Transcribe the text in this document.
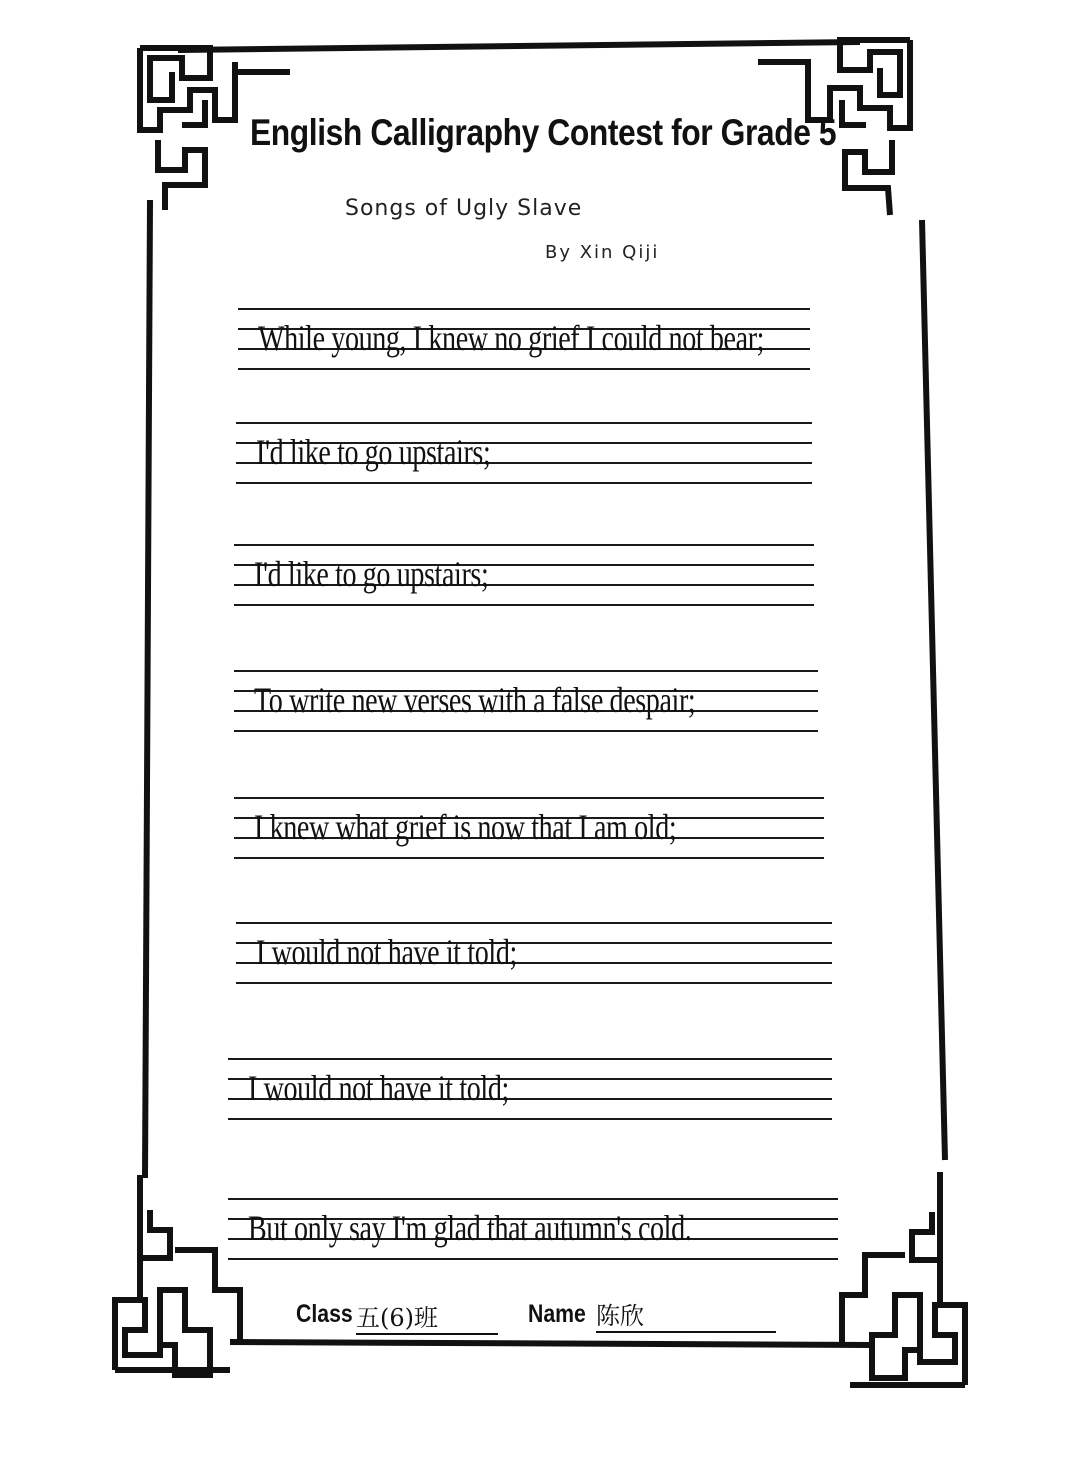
English Calligraphy Contest for Grade 5
Songs of Ugly Slave
By Xin Qiji
While young, I knew no grief I could not bear;
I'd like to go upstairs;
I'd like to go upstairs;
To write new verses with a false despair;
I knew what grief is now that I am old;
I would not have it told;
I would not have it told;
But only say I'm glad that autumn's cold.
Class 五(6)班	Name 陈欣
